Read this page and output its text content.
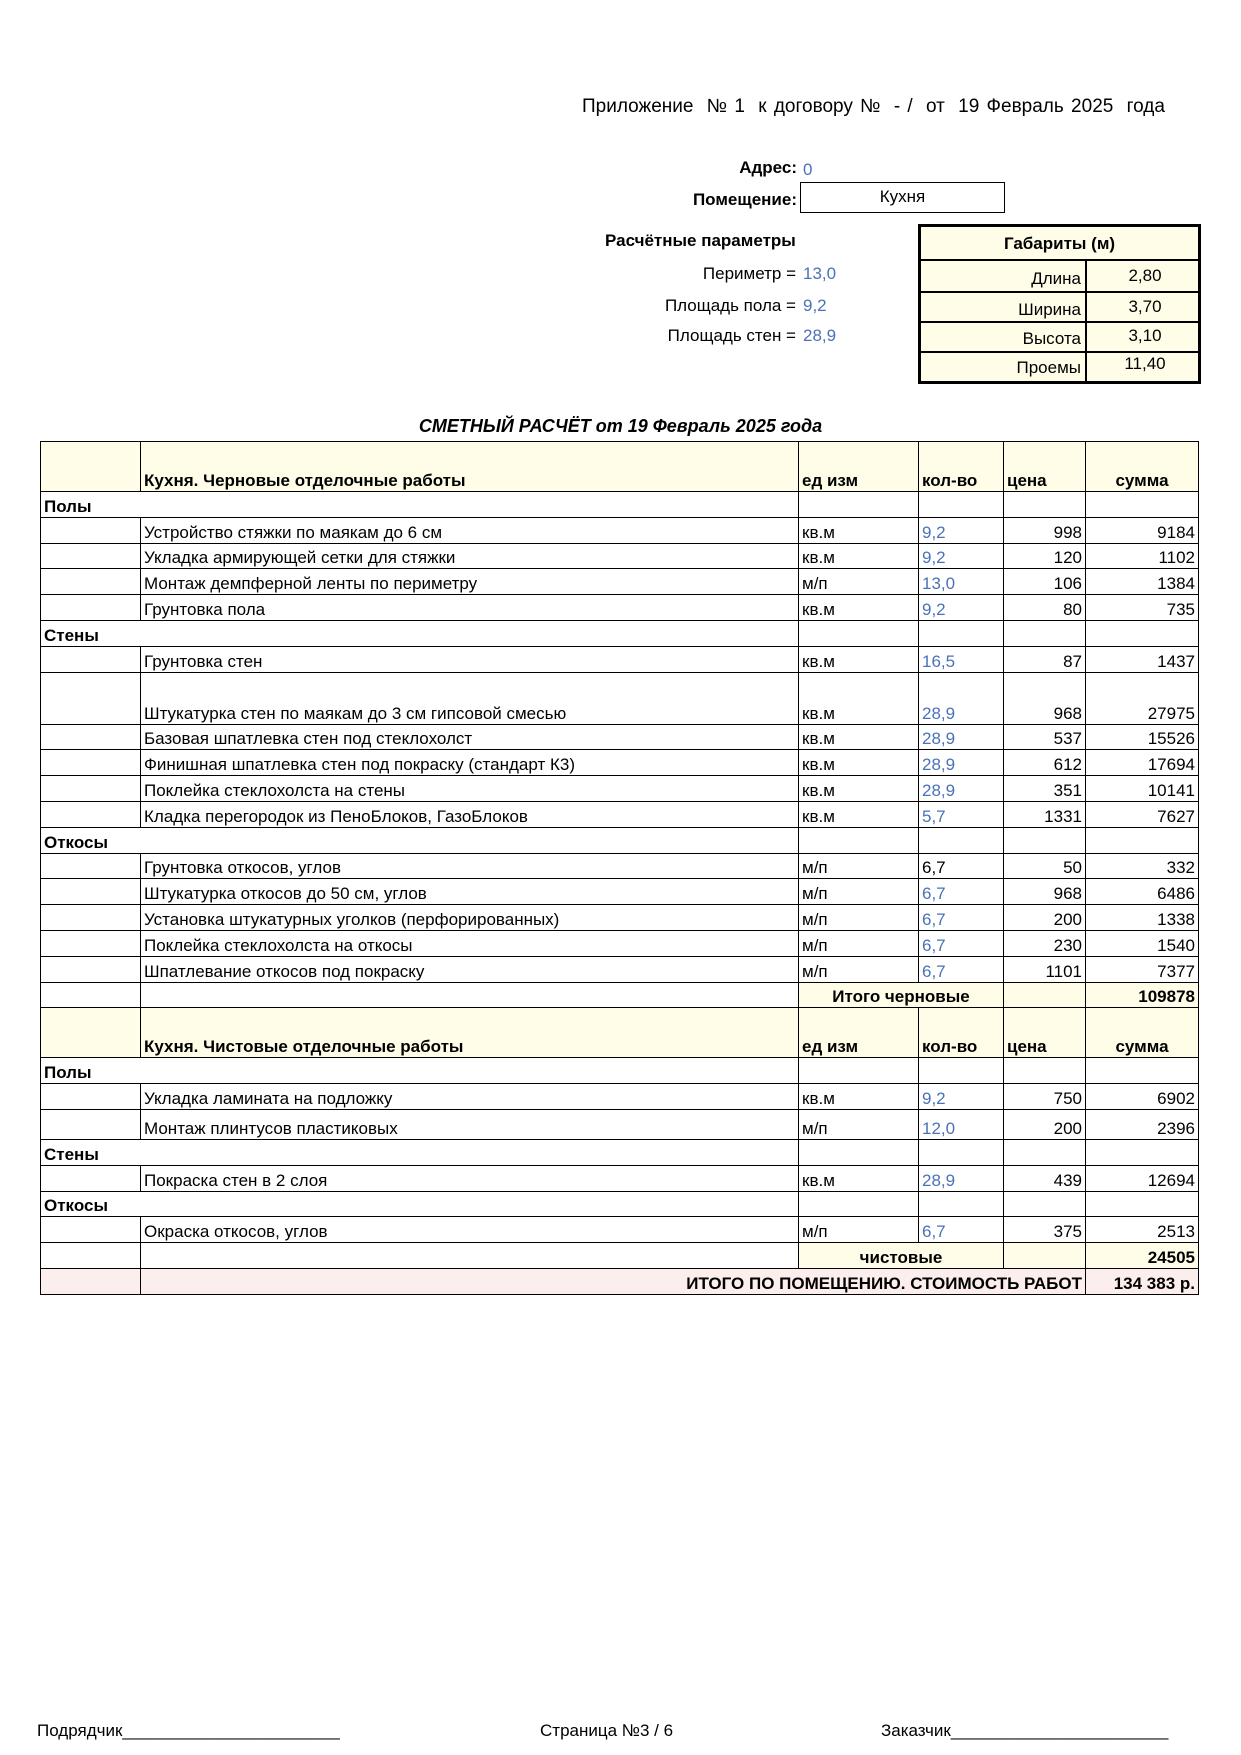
Приложение № 1 к договору № - / от 19 Февраль 2025 года
Адрес: 0
Помещение:	Кухня
Расчётные параметры
Периметр = 13,0
Площадь пола = 9,2
Площадь стен = 28,9
Габариты (м)
Длина	2,80
Ширина	3,70
Высота	3,10
Проемы	11,40
СМЕТНЫЙ РАСЧЁТ от 19 Февраль 2025 года
	Кухня. Черновые отделочные работы	ед изм	кол-во	цена	сумма
Полы					
	Устройство стяжки по маякам до 6 см	кв.м	9,2	998	9184
	Укладка армирующей сетки для стяжки	кв.м	9,2	120	1102
	Монтаж демпферной ленты по периметру	м/п	13,0	106	1384
	Грунтовка пола	кв.м	9,2	80	735
Стены					
	Грунтовка стен	кв.м	16,5	87	1437
	Штукатурка стен по маякам до 3 см гипсовой смесью	кв.м	28,9	968	27975
	Базовая шпатлевка стен под стеклохолст	кв.м	28,9	537	15526
	Финишная шпатлевка стен под покраску (стандарт К3)	кв.м	28,9	612	17694
	Поклейка стеклохолста на стены	кв.м	28,9	351	10141
	Кладка перегородок из ПеноБлоков, ГазоБлоков	кв.м	5,7	1331	7627
Откосы					
	Грунтовка откосов, углов	м/п	6,7	50	332
	Штукатурка откосов до 50 см, углов	м/п	6,7	968	6486
	Установка штукатурных уголков (перфорированных)	м/п	6,7	200	1338
	Поклейка стеклохолста на откосы	м/п	6,7	230	1540
	Шпатлевание откосов под покраску	м/п	6,7	1101	7377
		Итого черновые			109878
	Кухня. Чистовые отделочные работы	ед изм	кол-во	цена	сумма
Полы					
	Укладка ламината на подложку	кв.м	9,2	750	6902
	Монтаж плинтусов пластиковых	м/п	12,0	200	2396
Стены					
	Покраска стен в 2 слоя	кв.м	28,9	439	12694
Откосы					
	Окраска откосов, углов	м/п	6,7	375	2513
		чистовые			24505
	ИТОГО ПО ПОМЕЩЕНИЮ. СТОИМОСТЬ РАБОТ				134 383 р.
Подрядчик_______________________	Страница №3 / 6	Заказчик_______________________
